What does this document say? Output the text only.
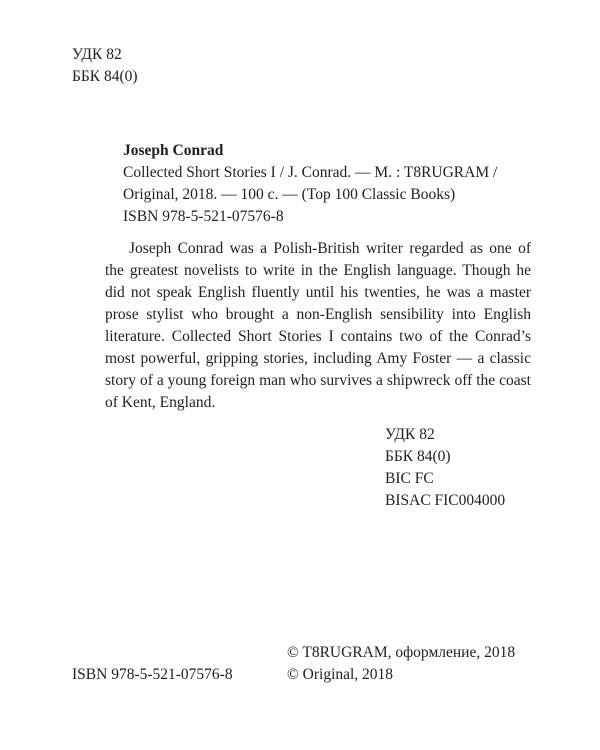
УДК 82
ББК 84(0)
Joseph Conrad
Collected Short Stories I / J. Conrad. — M. : T8RUGRAM /
Original, 2018. — 100 c. — (Top 100 Classic Books)
ISBN 978-5-521-07576-8
Joseph Conrad was a Polish-British writer regarded as one of the greatest novelists to write in the English language. Though he did not speak English fluently until his twenties, he was a master prose stylist who brought a non-English sensibility into English literature. Collected Short Stories I contains two of the Conrad’s most powerful, gripping stories, including Amy Foster — a classic story of a young foreign man who survives a shipwreck off the coast of Kent, England.
УДК 82
ББК 84(0)
BIC FC
BISAC FIC004000
ISBN 978-5-521-07576-8
© T8RUGRAM, оформление, 2018
© Original, 2018
